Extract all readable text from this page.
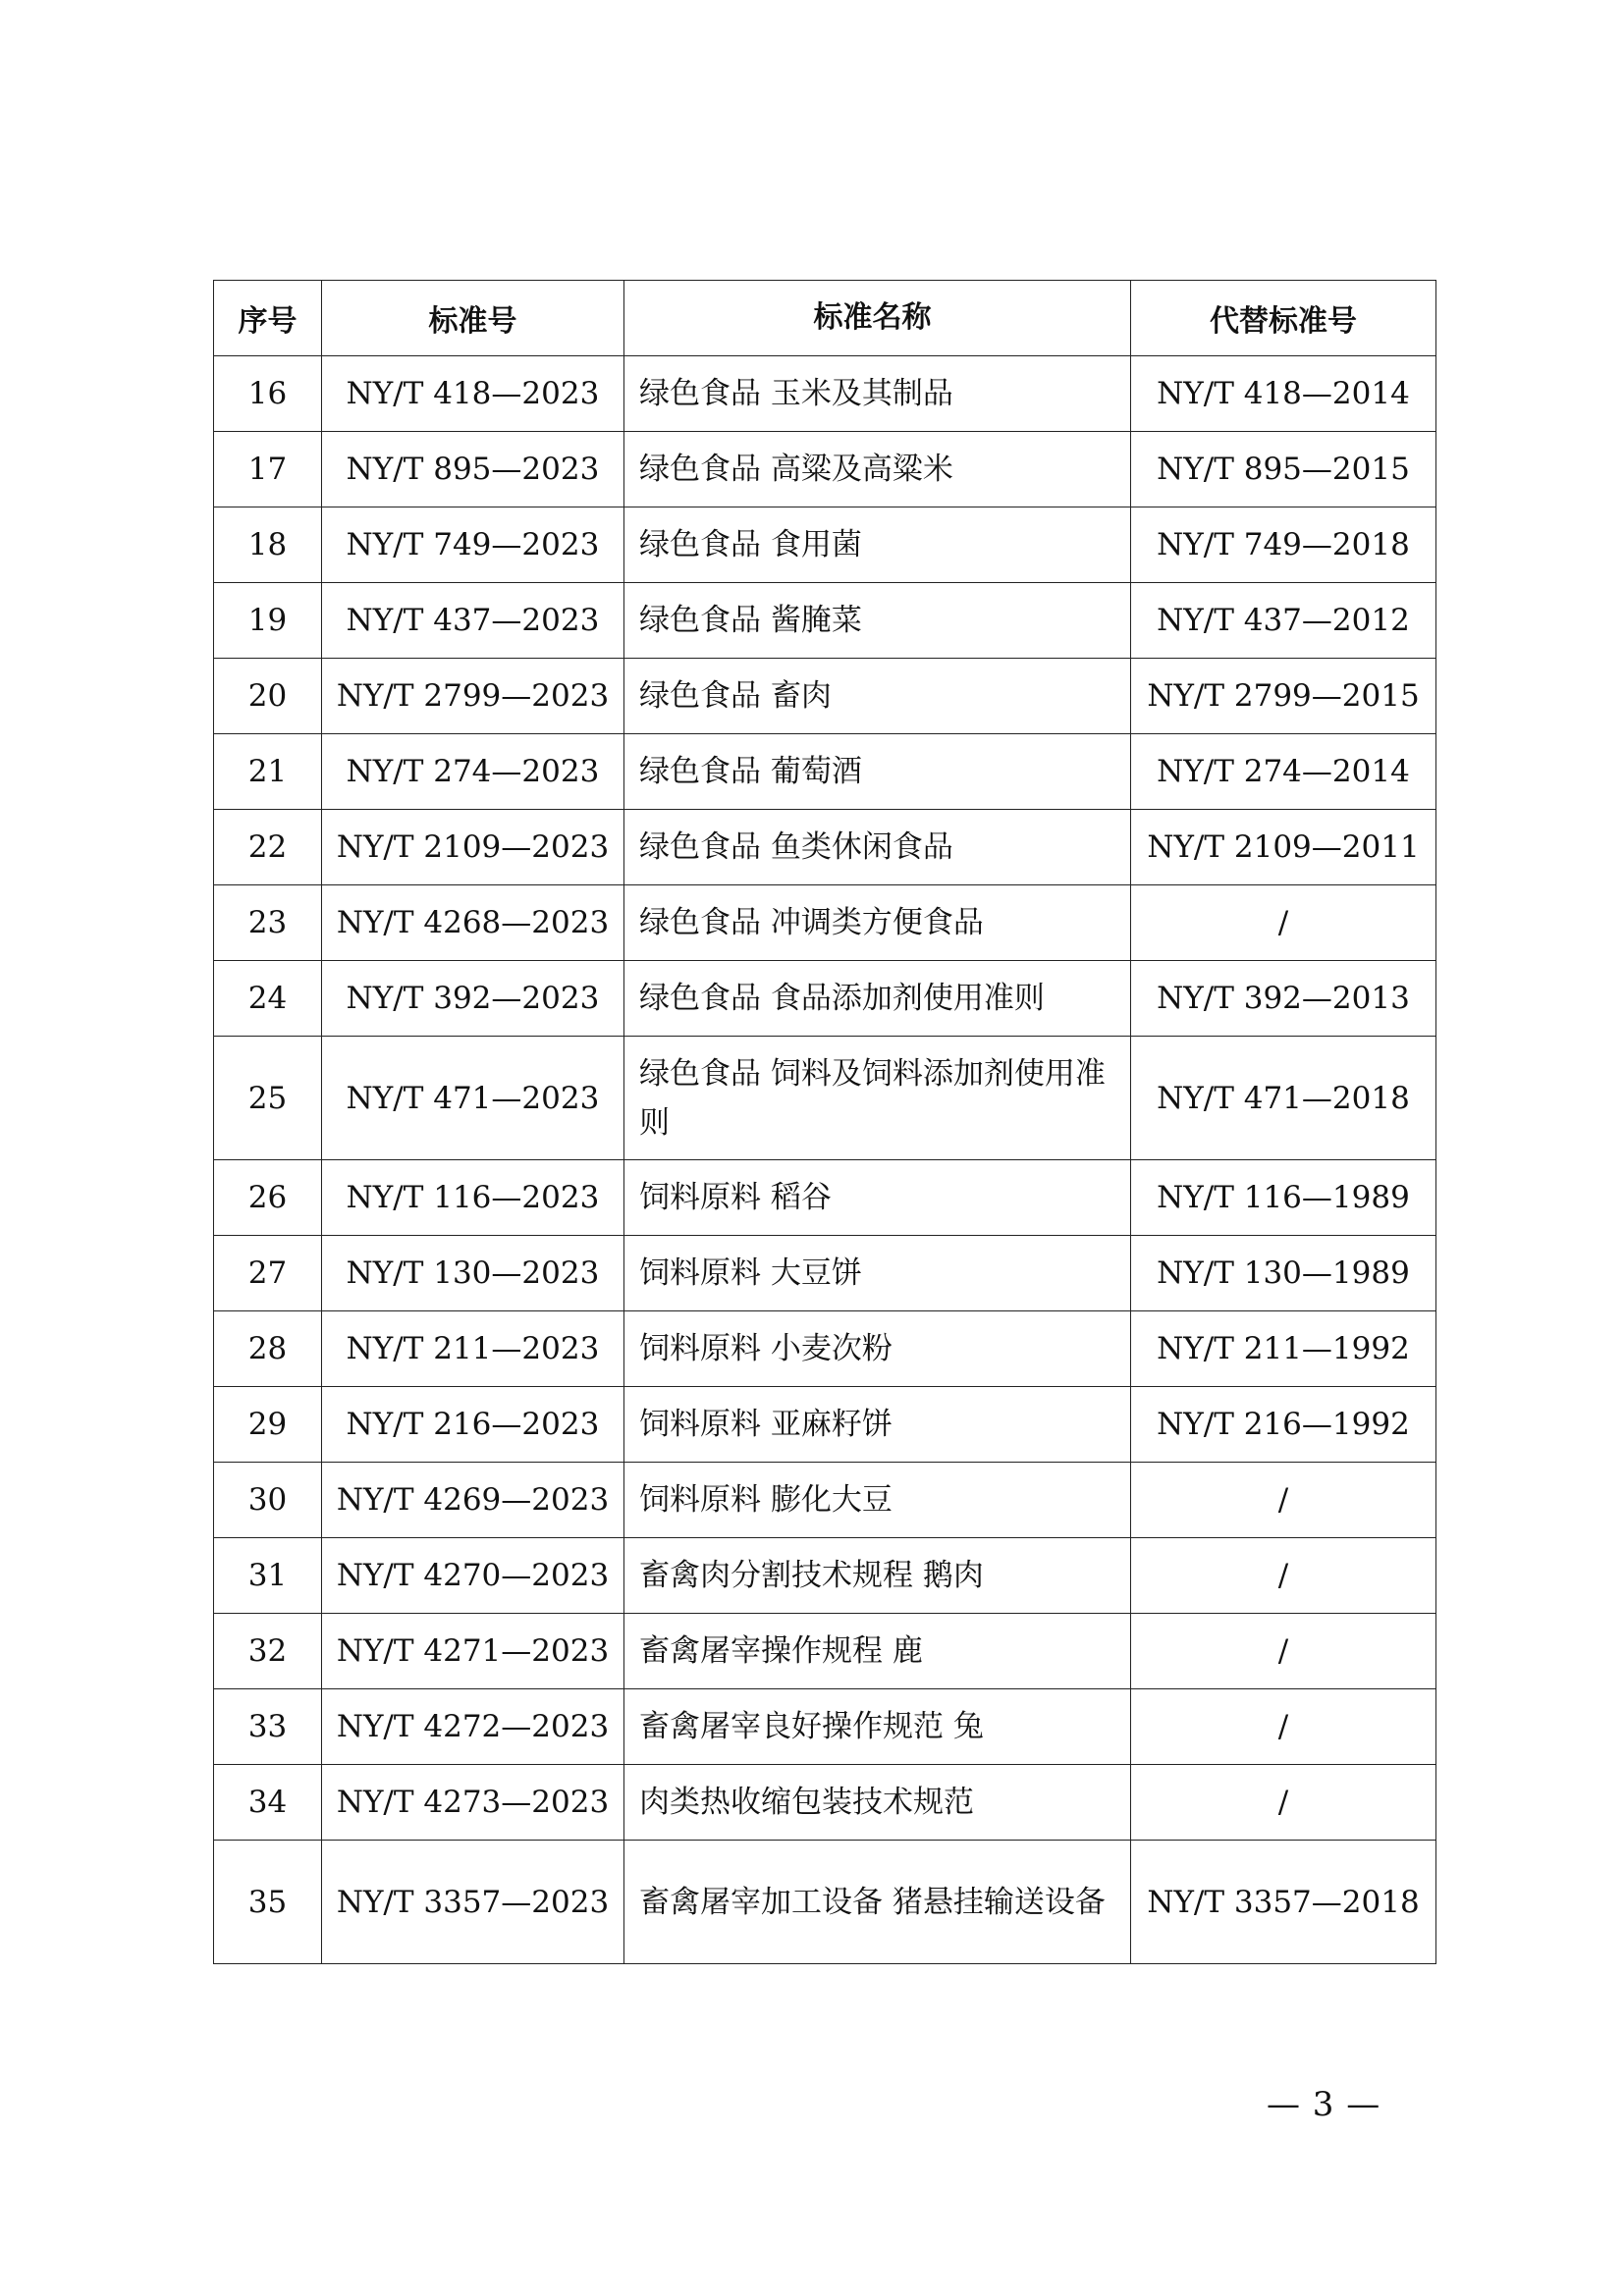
序号	标准号	标准名称	代替标准号
16	NY/T 418—2023	绿色食品 玉米及其制品	NY/T 418—2014
17	NY/T 895—2023	绿色食品 高粱及高粱米	NY/T 895—2015
18	NY/T 749—2023	绿色食品 食用菌	NY/T 749—2018
19	NY/T 437—2023	绿色食品 酱腌菜	NY/T 437—2012
20	NY/T 2799—2023	绿色食品 畜肉	NY/T 2799—2015
21	NY/T 274—2023	绿色食品 葡萄酒	NY/T 274—2014
22	NY/T 2109—2023	绿色食品 鱼类休闲食品	NY/T 2109—2011
23	NY/T 4268—2023	绿色食品 冲调类方便食品	/
24	NY/T 392—2023	绿色食品 食品添加剂使用准则	NY/T 392—2013
25	NY/T 471—2023	绿色食品 饲料及饲料添加剂使用准则	NY/T 471—2018
26	NY/T 116—2023	饲料原料 稻谷	NY/T 116—1989
27	NY/T 130—2023	饲料原料 大豆饼	NY/T 130—1989
28	NY/T 211—2023	饲料原料 小麦次粉	NY/T 211—1992
29	NY/T 216—2023	饲料原料 亚麻籽饼	NY/T 216—1992
30	NY/T 4269—2023	饲料原料 膨化大豆	/
31	NY/T 4270—2023	畜禽肉分割技术规程 鹅肉	/
32	NY/T 4271—2023	畜禽屠宰操作规程 鹿	/
33	NY/T 4272—2023	畜禽屠宰良好操作规范 兔	/
34	NY/T 4273—2023	肉类热收缩包装技术规范	/
35	NY/T 3357—2023	畜禽屠宰加工设备 猪悬挂输送设备	NY/T 3357—2018
— 3 —
